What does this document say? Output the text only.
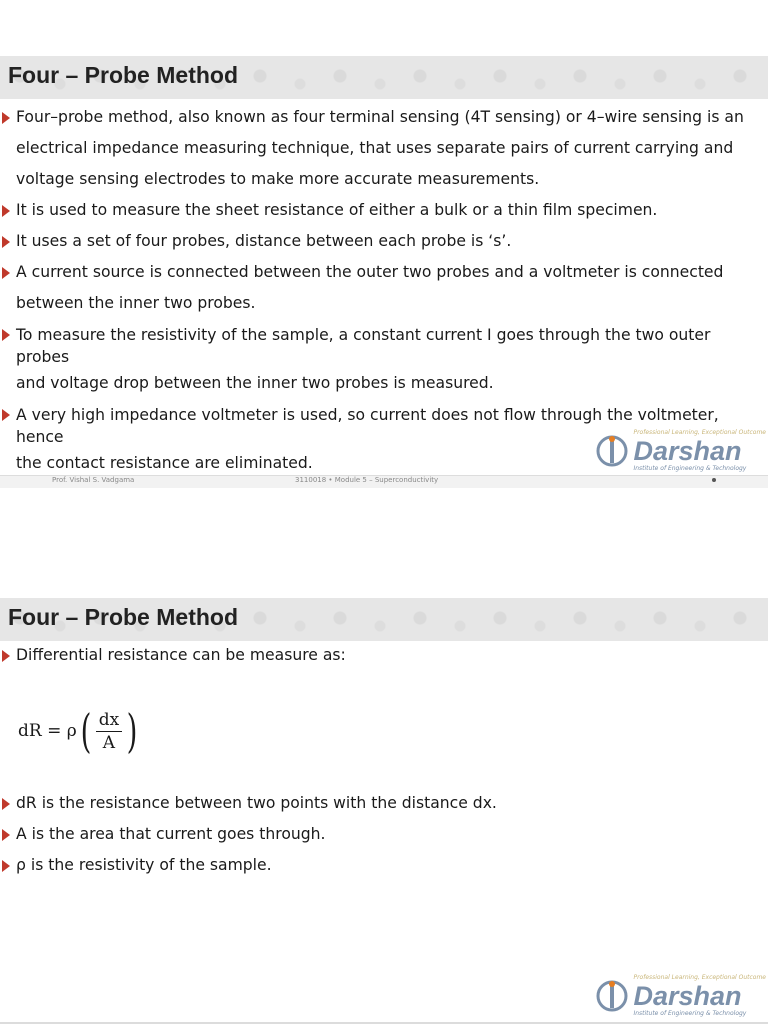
Four – Probe Method
Four–probe method, also known as four terminal sensing (4T sensing) or 4–wire sensing is an
electrical impedance measuring technique, that uses separate pairs of current carrying and
voltage sensing electrodes to make more accurate measurements.
It is used to measure the sheet resistance of either a bulk or a thin film specimen.
It uses a set of four probes, distance between each probe is ‘s’.
A current source is connected between the outer two probes and a voltmeter is connected
between the inner two probes.
To measure the resistivity of the sample, a constant current I goes through the two outer probes
and voltage drop between the inner two probes is measured.
A very high impedance voltmeter is used, so current does not flow through the voltmeter, hence
the contact resistance are eliminated.
Professional Learning, Exceptional Outcome
Darshan
Institute of Engineering & Technology
Prof. Vishal S. Vadgama	3110018 • Module 5 – Superconductivity
Four – Probe Method
Differential resistance can be measure as:
dR = ρ ( $\frac{dx}{A}$ )
dR is the resistance between two points with the distance dx.
A is the area that current goes through.
ρ is the resistivity of the sample.
Professional Learning, Exceptional Outcome
Darshan
Institute of Engineering & Technology
